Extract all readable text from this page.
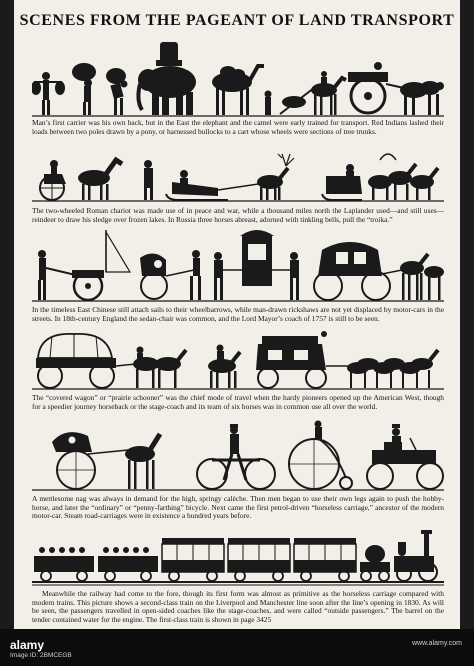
SCENES FROM THE PAGEANT OF LAND TRANSPORT
Man’s first carrier was his own back, but in the East the elephant and the camel were early trained for transport. Red Indians lashed their loads between two poles drawn by a pony, or harnessed bullocks to a cart whose wheels were sections of tree trunks.
The two-wheeled Roman chariot was made use of in peace and war, while a thousand miles north the Laplander used—and still uses—reindeer to draw his sledge over frozen lakes. In Russia three horses abreast, adorned with tinkling bells, pull the “troika.”
In the timeless East Chinese still attach sails to their wheelbarrows, while man-drawn rickshaws are not yet displaced by motor-cars in the streets. In 18th-century England the sedan-chair was common, and the Lord Mayor’s coach of 1757 is still to be seen.
The “covered wagon” or “prairie schooner” was the chief mode of travel when the hardy pioneers opened up the American West, though for a speedier journey horseback or the stage-coach and its team of six horses was in common use all over the world.
A mettlesome nag was always in demand for the high, springy calèche. Then men began to use their own legs again to push the hobby-horse, and later the “ordinary” or “penny-farthing” bicycle. Next came the first petrol-driven “horseless carriage,” ancestor of the modern motor-car. Steam road-carriages were in existence a hundred years before.
Meanwhile the railway had come to the fore, though its first form was almost as primitive as the horseless carriage compared with modern trains. This picture shows a second-class train on the Liverpool and Manchester line soon after the line’s opening in 1830. As will be seen, the passengers travelled in open-sided coaches like the stage-coaches, and were called “outside passengers.” The barrel on the tender contained water for the engine. The first-class train is shown in page 3425
alamy
Image ID: 2BMCEGB
www.alamy.com
